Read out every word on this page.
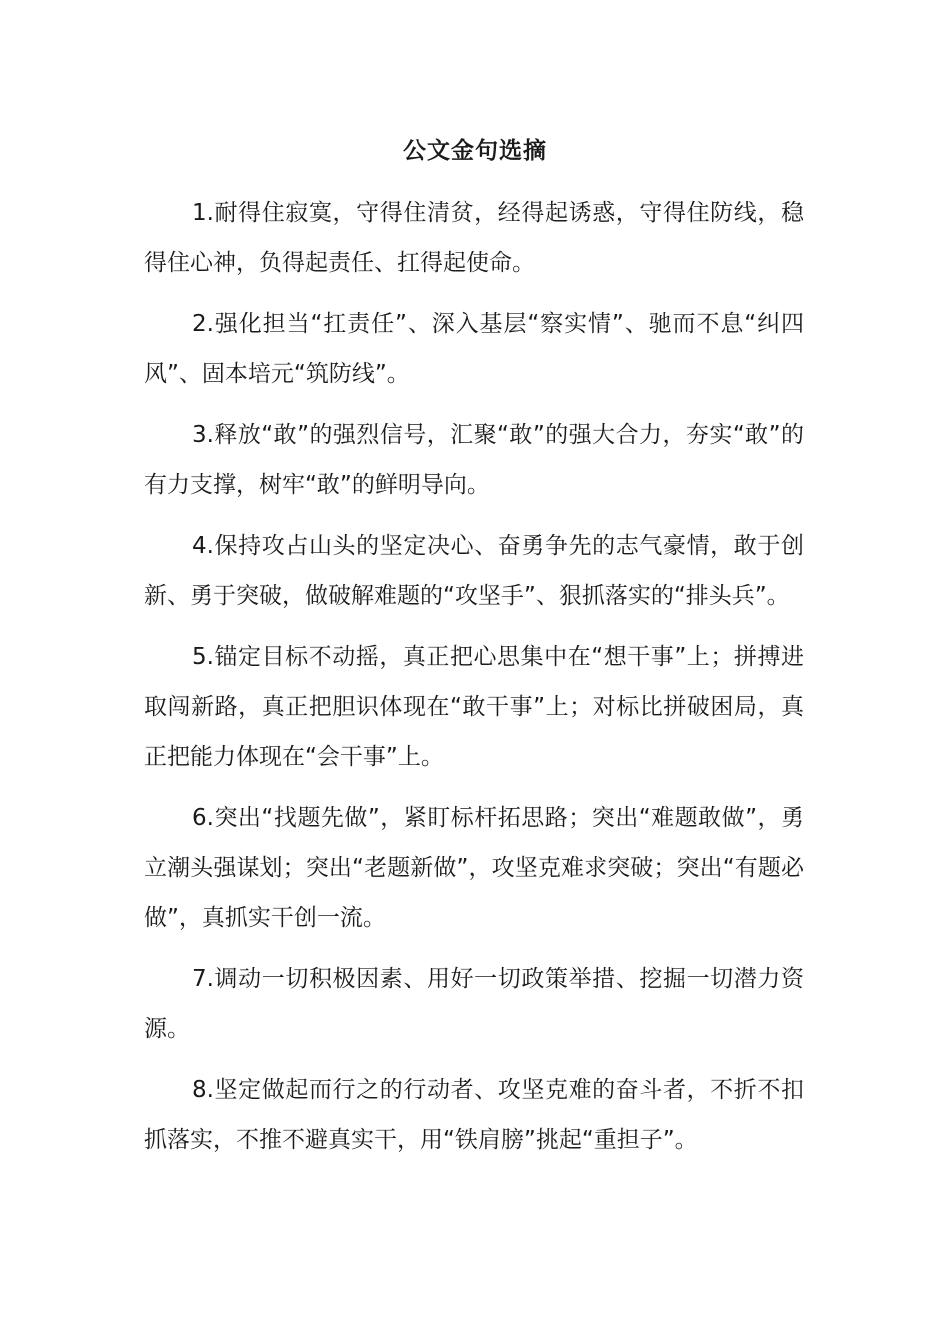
公文金句选摘

1.耐得住寂寞，守得住清贫，经得起诱惑，守得住防线，稳得住心神，负得起责任、扛得起使命。

2.强化担当“扛责任”、深入基层“察实情”、驰而不息“纠四风”、固本培元“筑防线”。

3.释放“敢”的强烈信号，汇聚“敢”的强大合力，夯实“敢”的有力支撑，树牢“敢”的鲜明导向。

4.保持攻占山头的坚定决心、奋勇争先的志气豪情，敢于创新、勇于突破，做破解难题的“攻坚手”、狠抓落实的“排头兵”。

5.锚定目标不动摇，真正把心思集中在“想干事”上；拼搏进取闯新路，真正把胆识体现在“敢干事”上；对标比拼破困局，真正把能力体现在“会干事”上。

6.突出“找题先做”，紧盯标杆拓思路；突出“难题敢做”，勇立潮头强谋划；突出“老题新做”，攻坚克难求突破；突出“有题必做”，真抓实干创一流。

7.调动一切积极因素、用好一切政策举措、挖掘一切潜力资源。

8.坚定做起而行之的行动者、攻坚克难的奋斗者，不折不扣抓落实，不推不避真实干，用“铁肩膀”挑起“重担子”。
